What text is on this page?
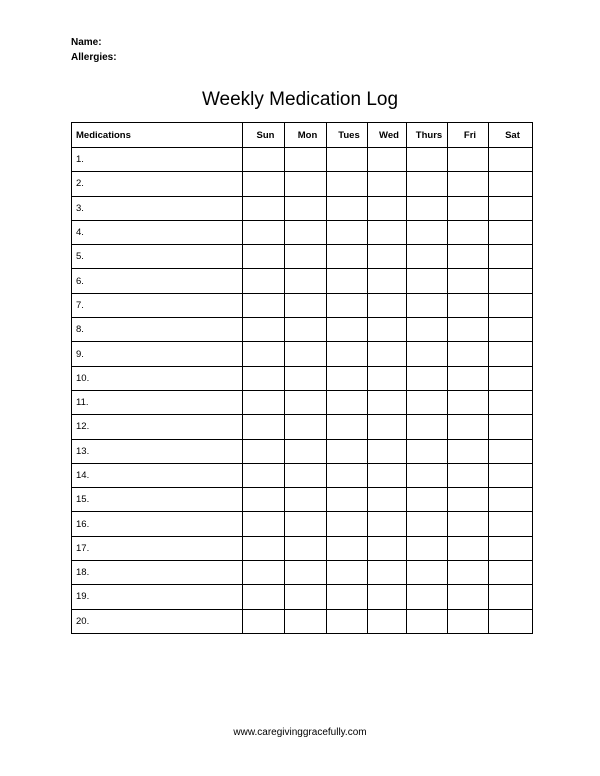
Name:
Allergies:
Weekly Medication Log
Medications	Sun	Mon	Tues	Wed	Thurs	Fri	Sat
1.							
2.							
3.							
4.							
5.							
6.							
7.							
8.							
9.							
10.							
11.							
12.							
13.							
14.							
15.							
16.							
17.							
18.							
19.							
20.							
www.caregivinggracefully.com
